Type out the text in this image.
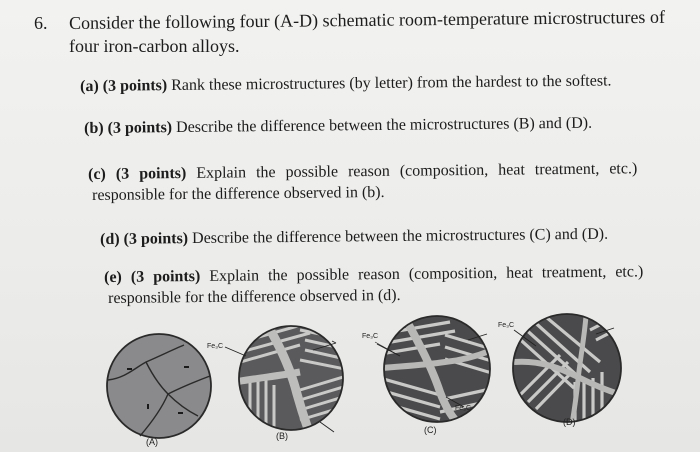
6. Consider the following four (A-D) schematic room-temperature microstructures of
four iron-carbon alloys.
(a) (3 points) Rank these microstructures (by letter) from the hardest to the softest.
(b) (3 points) Describe the difference between the microstructures (B) and (D).
(c) (3 points) Explain the possible reason (composition, heat treatment, etc.)
responsible for the difference observed in (b).
(d) (3 points) Describe the difference between the microstructures (C) and (D).
(e) (3 points) Explain the possible reason (composition, heat treatment, etc.)
responsible for the difference observed in (d).
Fe₃C
Fe₃C
Fe₃C
Fe₃C
(A)
(B)
(C)
(D)
